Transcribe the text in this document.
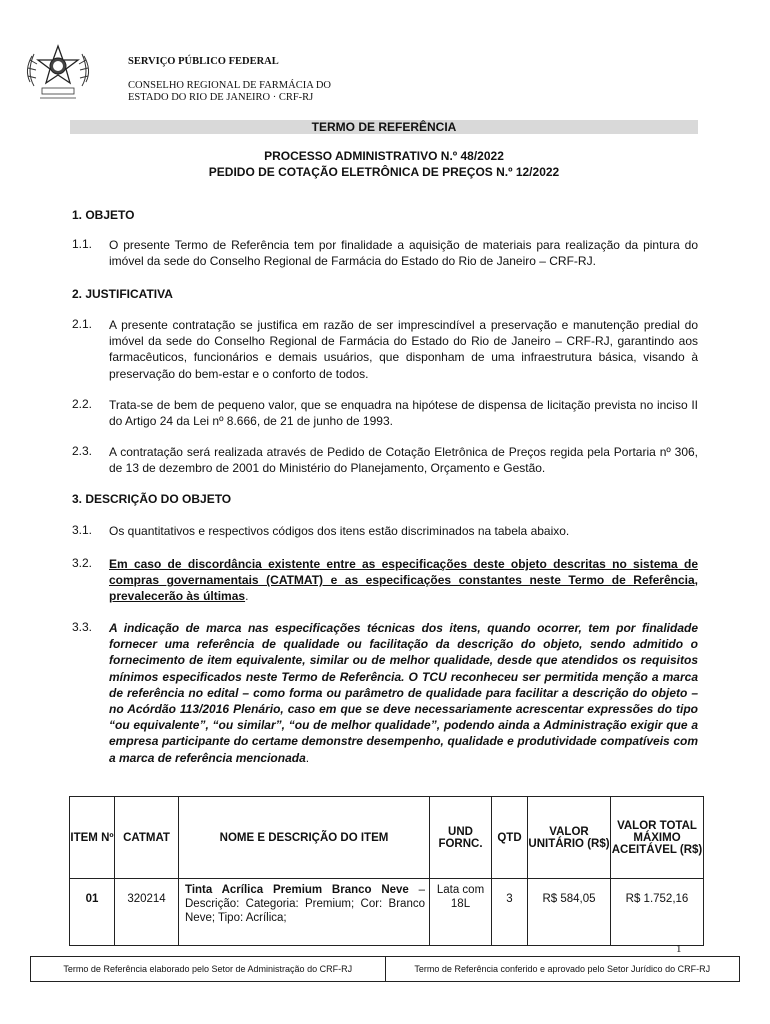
SERVIÇO PÚBLICO FEDERAL
CONSELHO REGIONAL DE FARMÁCIA DO
ESTADO DO RIO DE JANEIRO · CRF-RJ
TERMO DE REFERÊNCIA
PROCESSO ADMINISTRATIVO N.º 48/2022
PEDIDO DE COTAÇÃO ELETRÔNICA DE PREÇOS N.º 12/2022
1. OBJETO
1.1. O presente Termo de Referência tem por finalidade a aquisição de materiais para realização da pintura do imóvel da sede do Conselho Regional de Farmácia do Estado do Rio de Janeiro – CRF-RJ.
2. JUSTIFICATIVA
2.1. A presente contratação se justifica em razão de ser imprescindível a preservação e manutenção predial do imóvel da sede do Conselho Regional de Farmácia do Estado do Rio de Janeiro – CRF-RJ, garantindo aos farmacêuticos, funcionários e demais usuários, que disponham de uma infraestrutura básica, visando à preservação do bem-estar e o conforto de todos.
2.2. Trata-se de bem de pequeno valor, que se enquadra na hipótese de dispensa de licitação prevista no inciso II do Artigo 24 da Lei nº 8.666, de 21 de junho de 1993.
2.3. A contratação será realizada através de Pedido de Cotação Eletrônica de Preços regida pela Portaria nº 306, de 13 de dezembro de 2001 do Ministério do Planejamento, Orçamento e Gestão.
3. DESCRIÇÃO DO OBJETO
3.1. Os quantitativos e respectivos códigos dos itens estão discriminados na tabela abaixo.
3.2. Em caso de discordância existente entre as especificações deste objeto descritas no sistema de compras governamentais (CATMAT) e as especificações constantes neste Termo de Referência, prevalecerão às últimas.
3.3. A indicação de marca nas especificações técnicas dos itens, quando ocorrer, tem por finalidade fornecer uma referência de qualidade ou facilitação da descrição do objeto, sendo admitido o fornecimento de item equivalente, similar ou de melhor qualidade, desde que atendidos os requisitos mínimos especificados neste Termo de Referência. O TCU reconheceu ser permitida menção a marca de referência no edital – como forma ou parâmetro de qualidade para facilitar a descrição do objeto – no Acórdão 113/2016 Plenário, caso em que se deve necessariamente acrescentar expressões do tipo “ou equivalente”, “ou similar”, “ou de melhor qualidade”, podendo ainda a Administração exigir que a empresa participante do certame demonstre desempenho, qualidade e produtividade compatíveis com a marca de referência mencionada.
ITEM Nº	CATMAT	NOME E DESCRIÇÃO DO ITEM	UND FORNC.	QTD	VALOR UNITÁRIO (R$)	VALOR TOTAL MÁXIMO ACEITÁVEL (R$)
01	320214	Tinta Acrílica Premium Branco Neve – Descrição: Categoria: Premium; Cor: Branco Neve; Tipo: Acrílica;	Lata com 18L	3	R$ 584,05	R$ 1.752,16
1
Termo de Referência elaborado pelo Setor de Administração do CRF-RJ	Termo de Referência conferido e aprovado pelo Setor Jurídico do CRF-RJ
